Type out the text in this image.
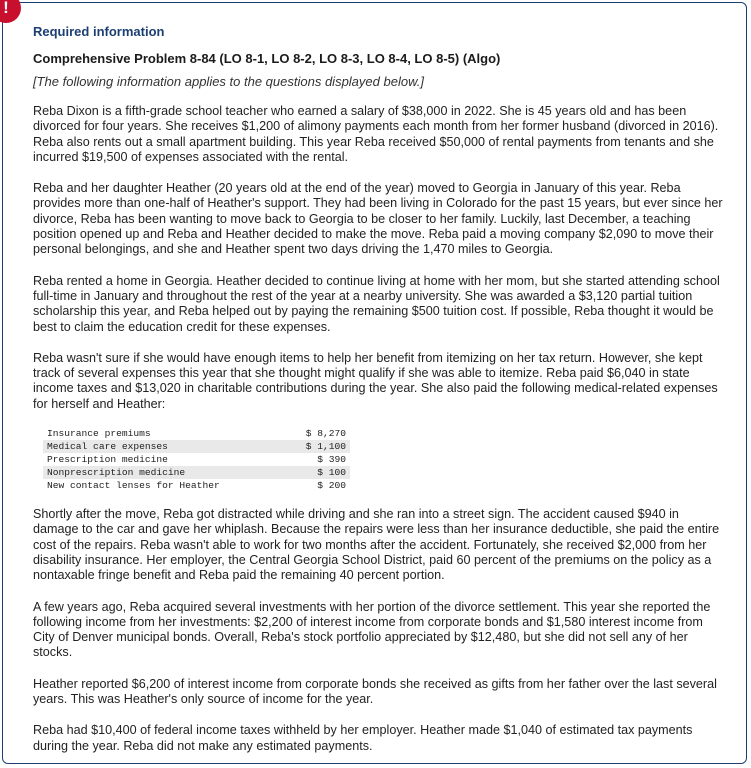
!

Required information

Comprehensive Problem 8-84 (LO 8-1, LO 8-2, LO 8-3, LO 8-4, LO 8-5) (Algo)

[The following information applies to the questions displayed below.]

Reba Dixon is a fifth-grade school teacher who earned a salary of $38,000 in 2022. She is 45 years old and has been divorced for four years. She receives $1,200 of alimony payments each month from her former husband (divorced in 2016). Reba also rents out a small apartment building. This year Reba received $50,000 of rental payments from tenants and she incurred $19,500 of expenses associated with the rental.

Reba and her daughter Heather (20 years old at the end of the year) moved to Georgia in January of this year. Reba provides more than one-half of Heather's support. They had been living in Colorado for the past 15 years, but ever since her divorce, Reba has been wanting to move back to Georgia to be closer to her family. Luckily, last December, a teaching position opened up and Reba and Heather decided to make the move. Reba paid a moving company $2,090 to move their personal belongings, and she and Heather spent two days driving the 1,470 miles to Georgia.

Reba rented a home in Georgia. Heather decided to continue living at home with her mom, but she started attending school full-time in January and throughout the rest of the year at a nearby university. She was awarded a $3,120 partial tuition scholarship this year, and Reba helped out by paying the remaining $500 tuition cost. If possible, Reba thought it would be best to claim the education credit for these expenses.

Reba wasn't sure if she would have enough items to help her benefit from itemizing on her tax return. However, she kept track of several expenses this year that she thought might qualify if she was able to itemize. Reba paid $6,040 in state income taxes and $13,020 in charitable contributions during the year. She also paid the following medical-related expenses for herself and Heather:

Insurance premiums	$ 8,270
Medical care expenses	$ 1,100
Prescription medicine	$ 390
Nonprescription medicine	$ 100
New contact lenses for Heather	$ 200

Shortly after the move, Reba got distracted while driving and she ran into a street sign. The accident caused $940 in damage to the car and gave her whiplash. Because the repairs were less than her insurance deductible, she paid the entire cost of the repairs. Reba wasn't able to work for two months after the accident. Fortunately, she received $2,000 from her disability insurance. Her employer, the Central Georgia School District, paid 60 percent of the premiums on the policy as a nontaxable fringe benefit and Reba paid the remaining 40 percent portion.

A few years ago, Reba acquired several investments with her portion of the divorce settlement. This year she reported the following income from her investments: $2,200 of interest income from corporate bonds and $1,580 interest income from City of Denver municipal bonds. Overall, Reba's stock portfolio appreciated by $12,480, but she did not sell any of her stocks.

Heather reported $6,200 of interest income from corporate bonds she received as gifts from her father over the last several years. This was Heather's only source of income for the year.

Reba had $10,400 of federal income taxes withheld by her employer. Heather made $1,040 of estimated tax payments during the year. Reba did not make any estimated payments.
